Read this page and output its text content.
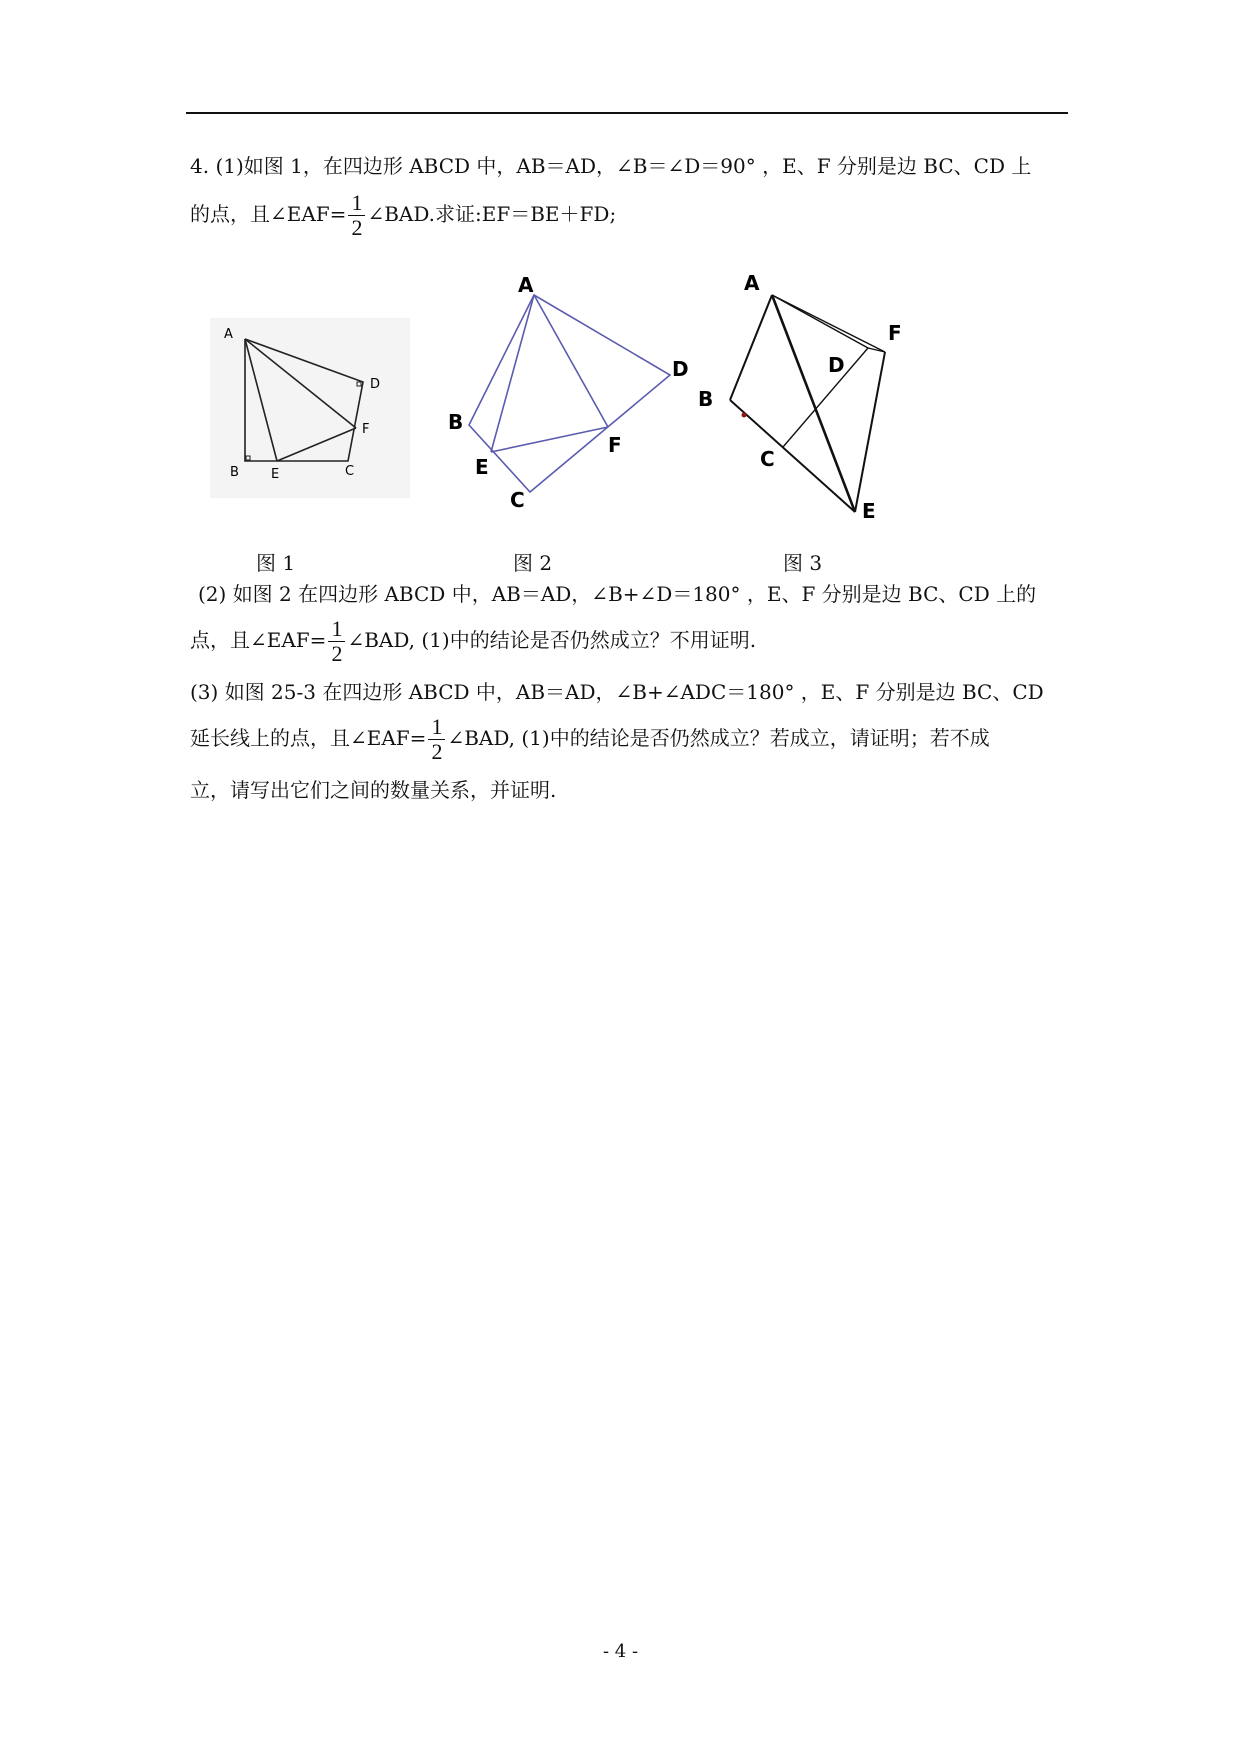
4. (1)如图 1，在四边形 ABCD 中，AB＝AD，∠B＝∠D＝90° ，E、F 分别是边 BC、CD 上
的点，且∠EAF= $\frac{1}{2}$ ∠BAD.求证:EF＝BE＋FD;
A
B E	C
D
F
A
B
E
C
D
F
A
B
C
D
F
E
图 1	图 2	图 3
(2) 如图 2 在四边形 ABCD 中，AB＝AD，∠B+∠D＝180° ，E、F 分别是边 BC、CD 上的
点，且∠EAF= $\frac{1}{2}$ ∠BAD, (1)中的结论是否仍然成立？不用证明.
(3) 如图 25-3 在四边形 ABCD 中，AB＝AD，∠B+∠ADC＝180° ，E、F 分别是边 BC、CD
延长线上的点，且∠EAF= $\frac{1}{2}$ ∠BAD, (1)中的结论是否仍然成立？若成立，请证明；若不成
立，请写出它们之间的数量关系，并证明.
- 4 -
